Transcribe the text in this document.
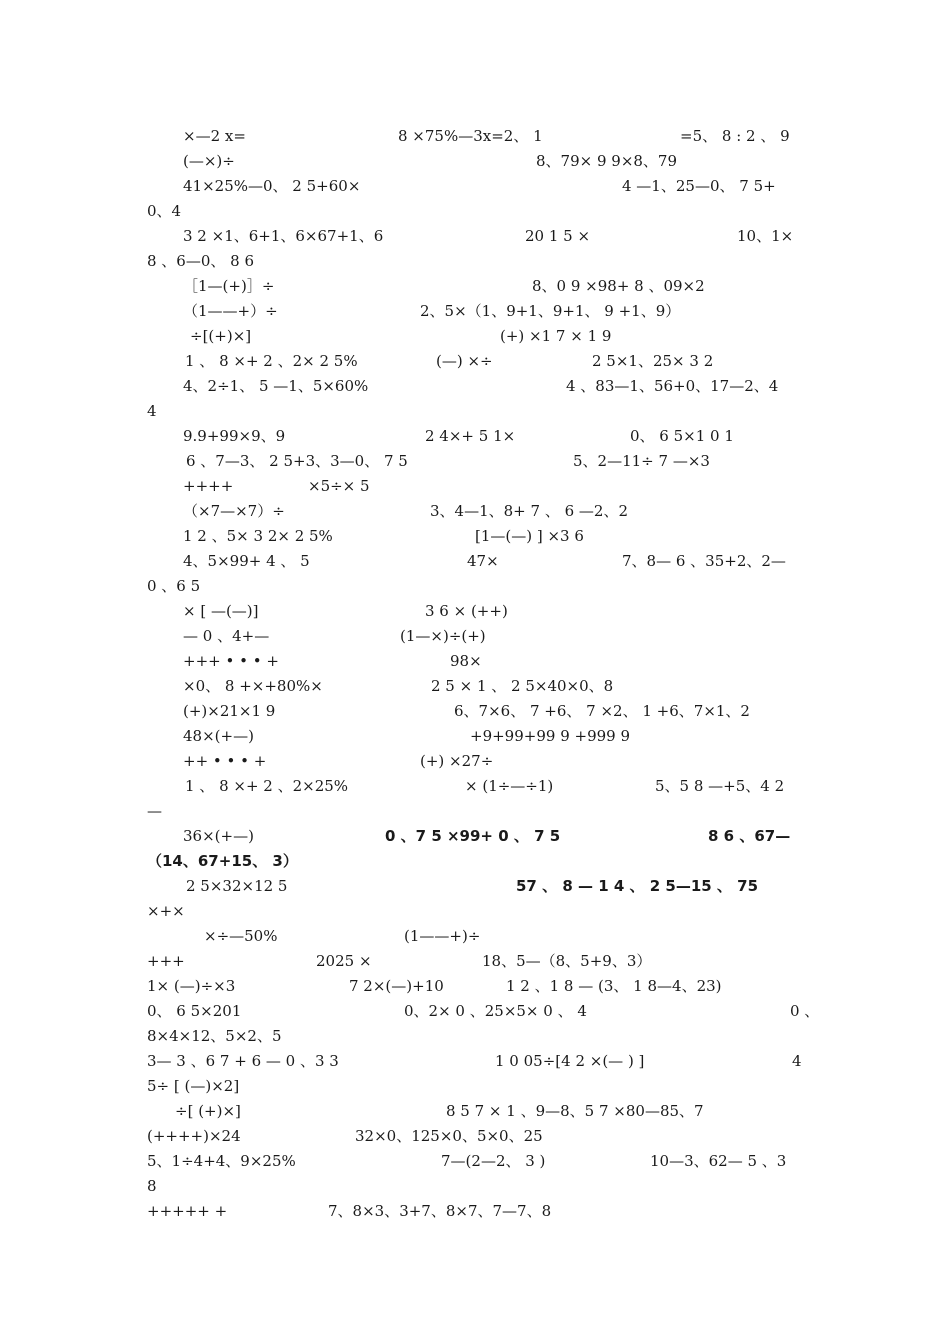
×—2 x=	8 ×75%—3x=2、 1	=5、 8 : 2 、 9
(—×)÷	8、79× 9 9×8、79
41×25%—0、 2 5+60×	4 —1、25—0、 7 5+
0、4
3 2 ×1、6+1、6×67+1、6	20 1 5 ×	10、1×
8 、6—0、 8 6
［1—(+)］÷	8、0 9 ×98+ 8 、09×2
（1——+）÷	2、5×（1、9+1、9+1、 9 +1、9）
÷[(+)×]	(+) ×1 7 × 1 9
1 、 8 ×+ 2 、2× 2 5%	(—) ×÷	2 5×1、25× 3 2
4、2÷1、 5 —1、5×60%	4 、83—1、56+0、17—2、4
4
9.9+99×9、9	2 4×+ 5 1×	0、 6 5×1 0 1
6 、7—3、 2 5+3、3—0、 7 5	5、2—11÷ 7 —×3
++++	×5÷× 5
（×7—×7）÷	3、4—1、8+ 7 、 6 —2、2
1 2 、5× 3 2× 2 5%	[1—(—) ] ×3 6
4、5×99+ 4 、 5	47×	7、8— 6 、35+2、2—
0 、6 5
× [ —(—)]	3 6 × (++)
— 0 、4+—	(1—×)÷(+)
+++ • • • +	98×
×0、 8 +×+80%×	2 5 × 1 、 2 5×40×0、8
(+)×21×1 9	6、7×6、 7 +6、 7 ×2、 1 +6、7×1、2
48×(+—)	+9+99+99 9 +999 9
++ • • • +	(+) ×27÷
1 、 8 ×+ 2 、2×25%	× (1÷—÷1)	5、5 8 —+5、4 2
—
36×(+—)	0 、7 5 ×99+ 0 、 7 5	8 6 、67—
（14、67+15、 3）
2 5×32×12 5	57 、 8 — 1 4 、 2 5—15 、 75
×+×
×÷—50%	(1——+)÷
+++	2025 ×	18、5—（8、5+9、3）
1× (—)÷×3	7 2×(—)+10	1 2 、1 8 — (3、 1 8—4、23)
0、 6 5×201	0、2× 0 、25×5× 0 、 4	0 、
8×4×12、5×2、5
3— 3 、6 7 + 6 — 0 、3 3	1 0 05÷[4 2 ×(— ) ]	4
5÷ [ (—)×2]
÷[ (+)×]	8 5 7 × 1 、9—8、5 7 ×80—85、7
(++++)×24	32×0、125×0、5×0、25
5、1÷4+4、9×25%	7—(2—2、 3 )	10—3、62— 5 、3
8
+++++ +	7、8×3、3+7、8×7、7—7、8
